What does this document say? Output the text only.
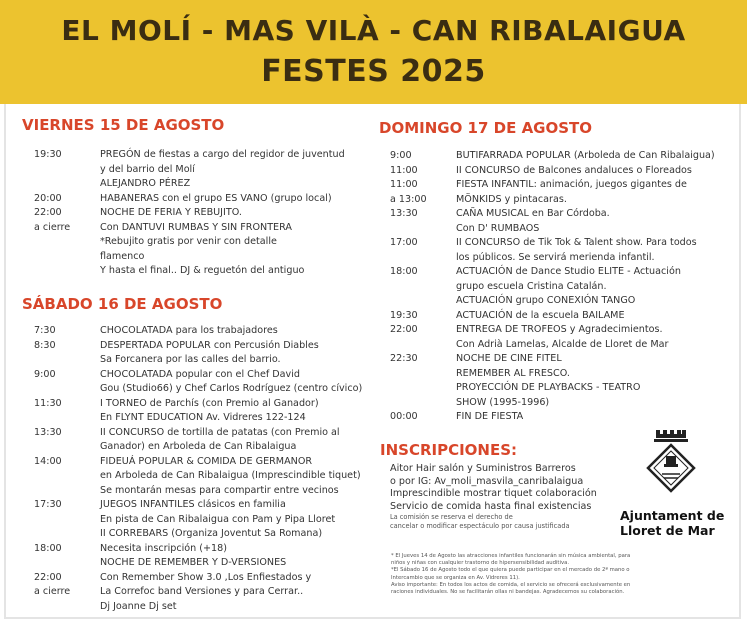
EL MOLÍ - MAS VILÀ - CAN RIBALAIGUA
FESTES 2025
VIERNES 15 DE AGOSTO
19:30	PREGÓN de fiestas a cargo del regidor de juventud
y del barrio del Molí
ALEJANDRO PÉREZ
20:00	HABANERAS con el grupo ES VANO (grupo local)
22:00	NOCHE DE FERIA Y REBUJITO.
a cierre	Con DANTUVI RUMBAS Y SIN FRONTERA
*Rebujito gratis por venir con detalle
flamenco
Y hasta el final.. DJ & reguetón del antiguo
SÁBADO 16 DE AGOSTO
7:30	CHOCOLATADA para los trabajadores
8:30	DESPERTADA POPULAR con Percusión Diables
Sa Forcanera por las calles del barrio.
9:00	CHOCOLATADA popular con el Chef David
Gou (Studio66) y Chef Carlos Rodríguez (centro cívico)
11:30	I TORNEO de Parchís (con Premio al Ganador)
En FLYNT EDUCATION Av. Vidreres 122-124
13:30	II CONCURSO de tortilla de patatas (con Premio al
Ganador) en Arboleda de Can Ribalaigua
14:00	FIDEUÁ POPULAR & COMIDA DE GERMANOR
en Arboleda de Can Ribalaigua (Imprescindible tiquet)
Se montarán mesas para compartir entre vecinos
17:30	JUEGOS INFANTILES clásicos en familia
En pista de Can Ribalaigua con Pam y Pipa Lloret
II CORREBARS (Organiza Joventut Sa Romana)
18:00	Necesita inscripción (+18)
NOCHE DE REMEMBER Y D-VERSIONES
22:00	Con Remember Show 3.0 ,Los Enfiestados y
a cierre	La Correfoc band Versiones y para Cerrar..
Dj Joanne Dj set
DOMINGO 17 DE AGOSTO
9:00	BUTIFARRADA POPULAR (Arboleda de Can Ribalaigua)
11:00	II CONCURSO de Balcones andaluces o Floreados
11:00	FIESTA INFANTIL: animación, juegos gigantes de
a 13:00	MÖNKIDS y pintacaras.
13:30	CAÑA MUSICAL en Bar Córdoba.
Con D' RUMBAOS
17:00	II CONCURSO de Tik Tok & Talent show. Para todos
los públicos. Se servirá merienda infantil.
18:00	ACTUACIÓN de Dance Studio ELITE - Actuación
grupo escuela Cristina Catalán.
ACTUACIÓN grupo CONEXIÓN TANGO
19:30	ACTUACIÓN de la escuela BAILAME
22:00	ENTREGA DE TROFEOS y Agradecimientos.
Con Adrià Lamelas, Alcalde de Lloret de Mar
22:30	NOCHE DE CINE FITEL
REMEMBER AL FRESCO.
PROYECCIÓN DE PLAYBACKS - TEATRO
SHOW (1995-1996)
00:00	FIN DE FIESTA
INSCRIPCIONES:
Aitor Hair salón y Suministros Barreros
o por IG: Av_moli_masvila_canribalaigua
Imprescindible mostrar tiquet colaboración
Servicio de comida hasta final existencias
La comisión se reserva el derecho de
cancelar o modificar espectáculo por causa justificada
* El Jueves 14 de Agosto las atracciones infantiles funcionarán sin música ambiental, para
niños y niñas con cualquier trastorno de hipersensibilidad auditiva.
*El Sábado 16 de Agosto todo el que quiera puede participar en el mercado de 2ª mano o
Intercambio que se organiza en Av. Vidreres 11).
Aviso importante: En todos los actos de comida, el servicio se ofrecerá exclusivamente en
raciones individuales. No se facilitarán ollas ni bandejas. Agradecemos su colaboración.
Ajuntament de
Lloret de Mar
